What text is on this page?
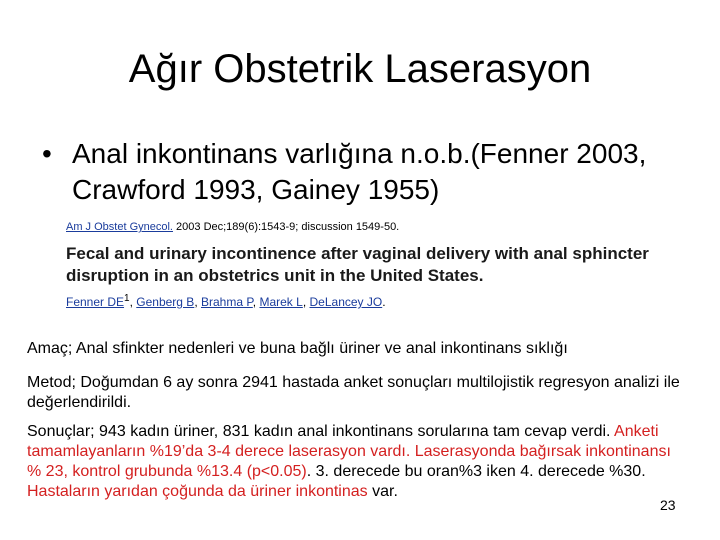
Ağır Obstetrik Laserasyon
• Anal inkontinans varlığına n.o.b.(Fenner 2003, Crawford 1993, Gainey 1955)
Am J Obstet Gynecol. 2003 Dec;189(6):1543-9; discussion 1549-50.
Fecal and urinary incontinence after vaginal delivery with anal sphincter disruption in an obstetrics unit in the United States.
Fenner $DE^1$, Genberg B, Brahma P, Marek L, DeLancey JO.
Amaç; Anal sfinkter nedenleri ve buna bağlı üriner ve anal inkontinans sıklığı
Metod; Doğumdan 6 ay sonra 2941 hastada anket sonuçları multilojistik regresyon analizi ile değerlendirildi.
Sonuçlar; 943 kadın üriner, 831 kadın anal inkontinans sorularına tam cevap verdi. Anketi tamamlayanların %19’da 3-4 derece laserasyon vardı. Laserasyonda bağırsak inkontinansı % 23, kontrol grubunda %13.4 (p<0.05). 3. derecede bu oran%3 iken 4. derecede %30. Hastaların yarıdan çoğunda da üriner inkontinas var.
23
